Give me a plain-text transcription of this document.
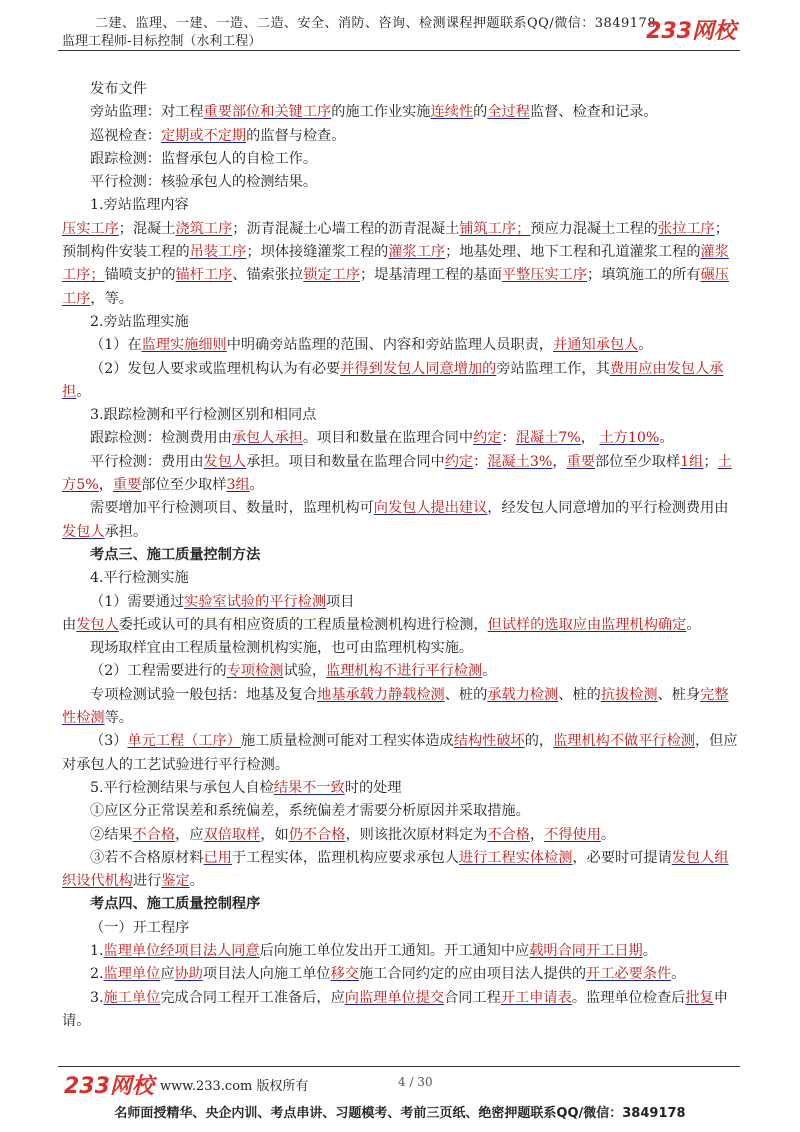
二建、监理、一建、一造、二造、安全、消防、咨询、检测课程押题联系QQ/微信：3849178
监理工程师-目标控制（水利工程）	233网校

发布文件

旁站监理：对工程重要部位和关键工序的施工作业实施连续性的全过程监督、检查和记录。

巡视检查：定期或不定期的监督与检查。

跟踪检测：监督承包人的自检工作。

平行检测：核验承包人的检测结果。

1.旁站监理内容

压实工序；混凝土浇筑工序；沥青混凝土心墙工程的沥青混凝土铺筑工序；预应力混凝土工程的张拉工序；预制构件安装工程的吊装工序；坝体接缝灌浆工程的灌浆工序；地基处理、地下工程和孔道灌浆工程的灌浆工序；锚喷支护的锚杆工序、锚索张拉锁定工序；堤基清理工程的基面平整压实工序；填筑施工的所有碾压工序，等。

2.旁站监理实施

（1）在监理实施细则中明确旁站监理的范围、内容和旁站监理人员职责，并通知承包人。

（2）发包人要求或监理机构认为有必要并得到发包人同意增加的旁站监理工作，其费用应由发包人承担。

3.跟踪检测和平行检测区别和相同点

跟踪检测：检测费用由承包人承担。项目和数量在监理合同中约定：混凝土7%， 土方10%。

平行检测：费用由发包人承担。项目和数量在监理合同中约定：混凝土3%，重要部位至少取样1组；土方5%，重要部位至少取样3组。

需要增加平行检测项目、数量时，监理机构可向发包人提出建议，经发包人同意增加的平行检测费用由发包人承担。

考点三、施工质量控制方法

4.平行检测实施

（1）需要通过实验室试验的平行检测项目

由发包人委托或认可的具有相应资质的工程质量检测机构进行检测，但试样的选取应由监理机构确定。

现场取样宜由工程质量检测机构实施，也可由监理机构实施。

（2）工程需要进行的专项检测试验，监理机构不进行平行检测。

专项检测试验一般包括：地基及复合地基承载力静载检测、桩的承载力检测、桩的抗拔检测、桩身完整性检测等。

（3）单元工程（工序）施工质量检测可能对工程实体造成结构性破坏的，监理机构不做平行检测，但应对承包人的工艺试验进行平行检测。

5.平行检测结果与承包人自检结果不一致时的处理

①应区分正常误差和系统偏差，系统偏差才需要分析原因并采取措施。

②结果不合格，应双倍取样，如仍不合格，则该批次原材料定为不合格，不得使用。

③若不合格原材料已用于工程实体，监理机构应要求承包人进行工程实体检测，必要时可提请发包人组织设代机构进行鉴定。

考点四、施工质量控制程序

（一）开工程序

1.监理单位经项目法人同意后向施工单位发出开工通知。开工通知中应载明合同开工日期。

2.监理单位应协助项目法人向施工单位移交施工合同约定的应由项目法人提供的开工必要条件。

3.施工单位完成合同工程开工准备后，应向监理单位提交合同工程开工申请表。监理单位检查后批复申请。

233网校 www.233.com 版权所有	4 / 30
名师面授精华、央企内训、考点串讲、习题模考、考前三页纸、绝密押题联系QQ/微信：3849178
